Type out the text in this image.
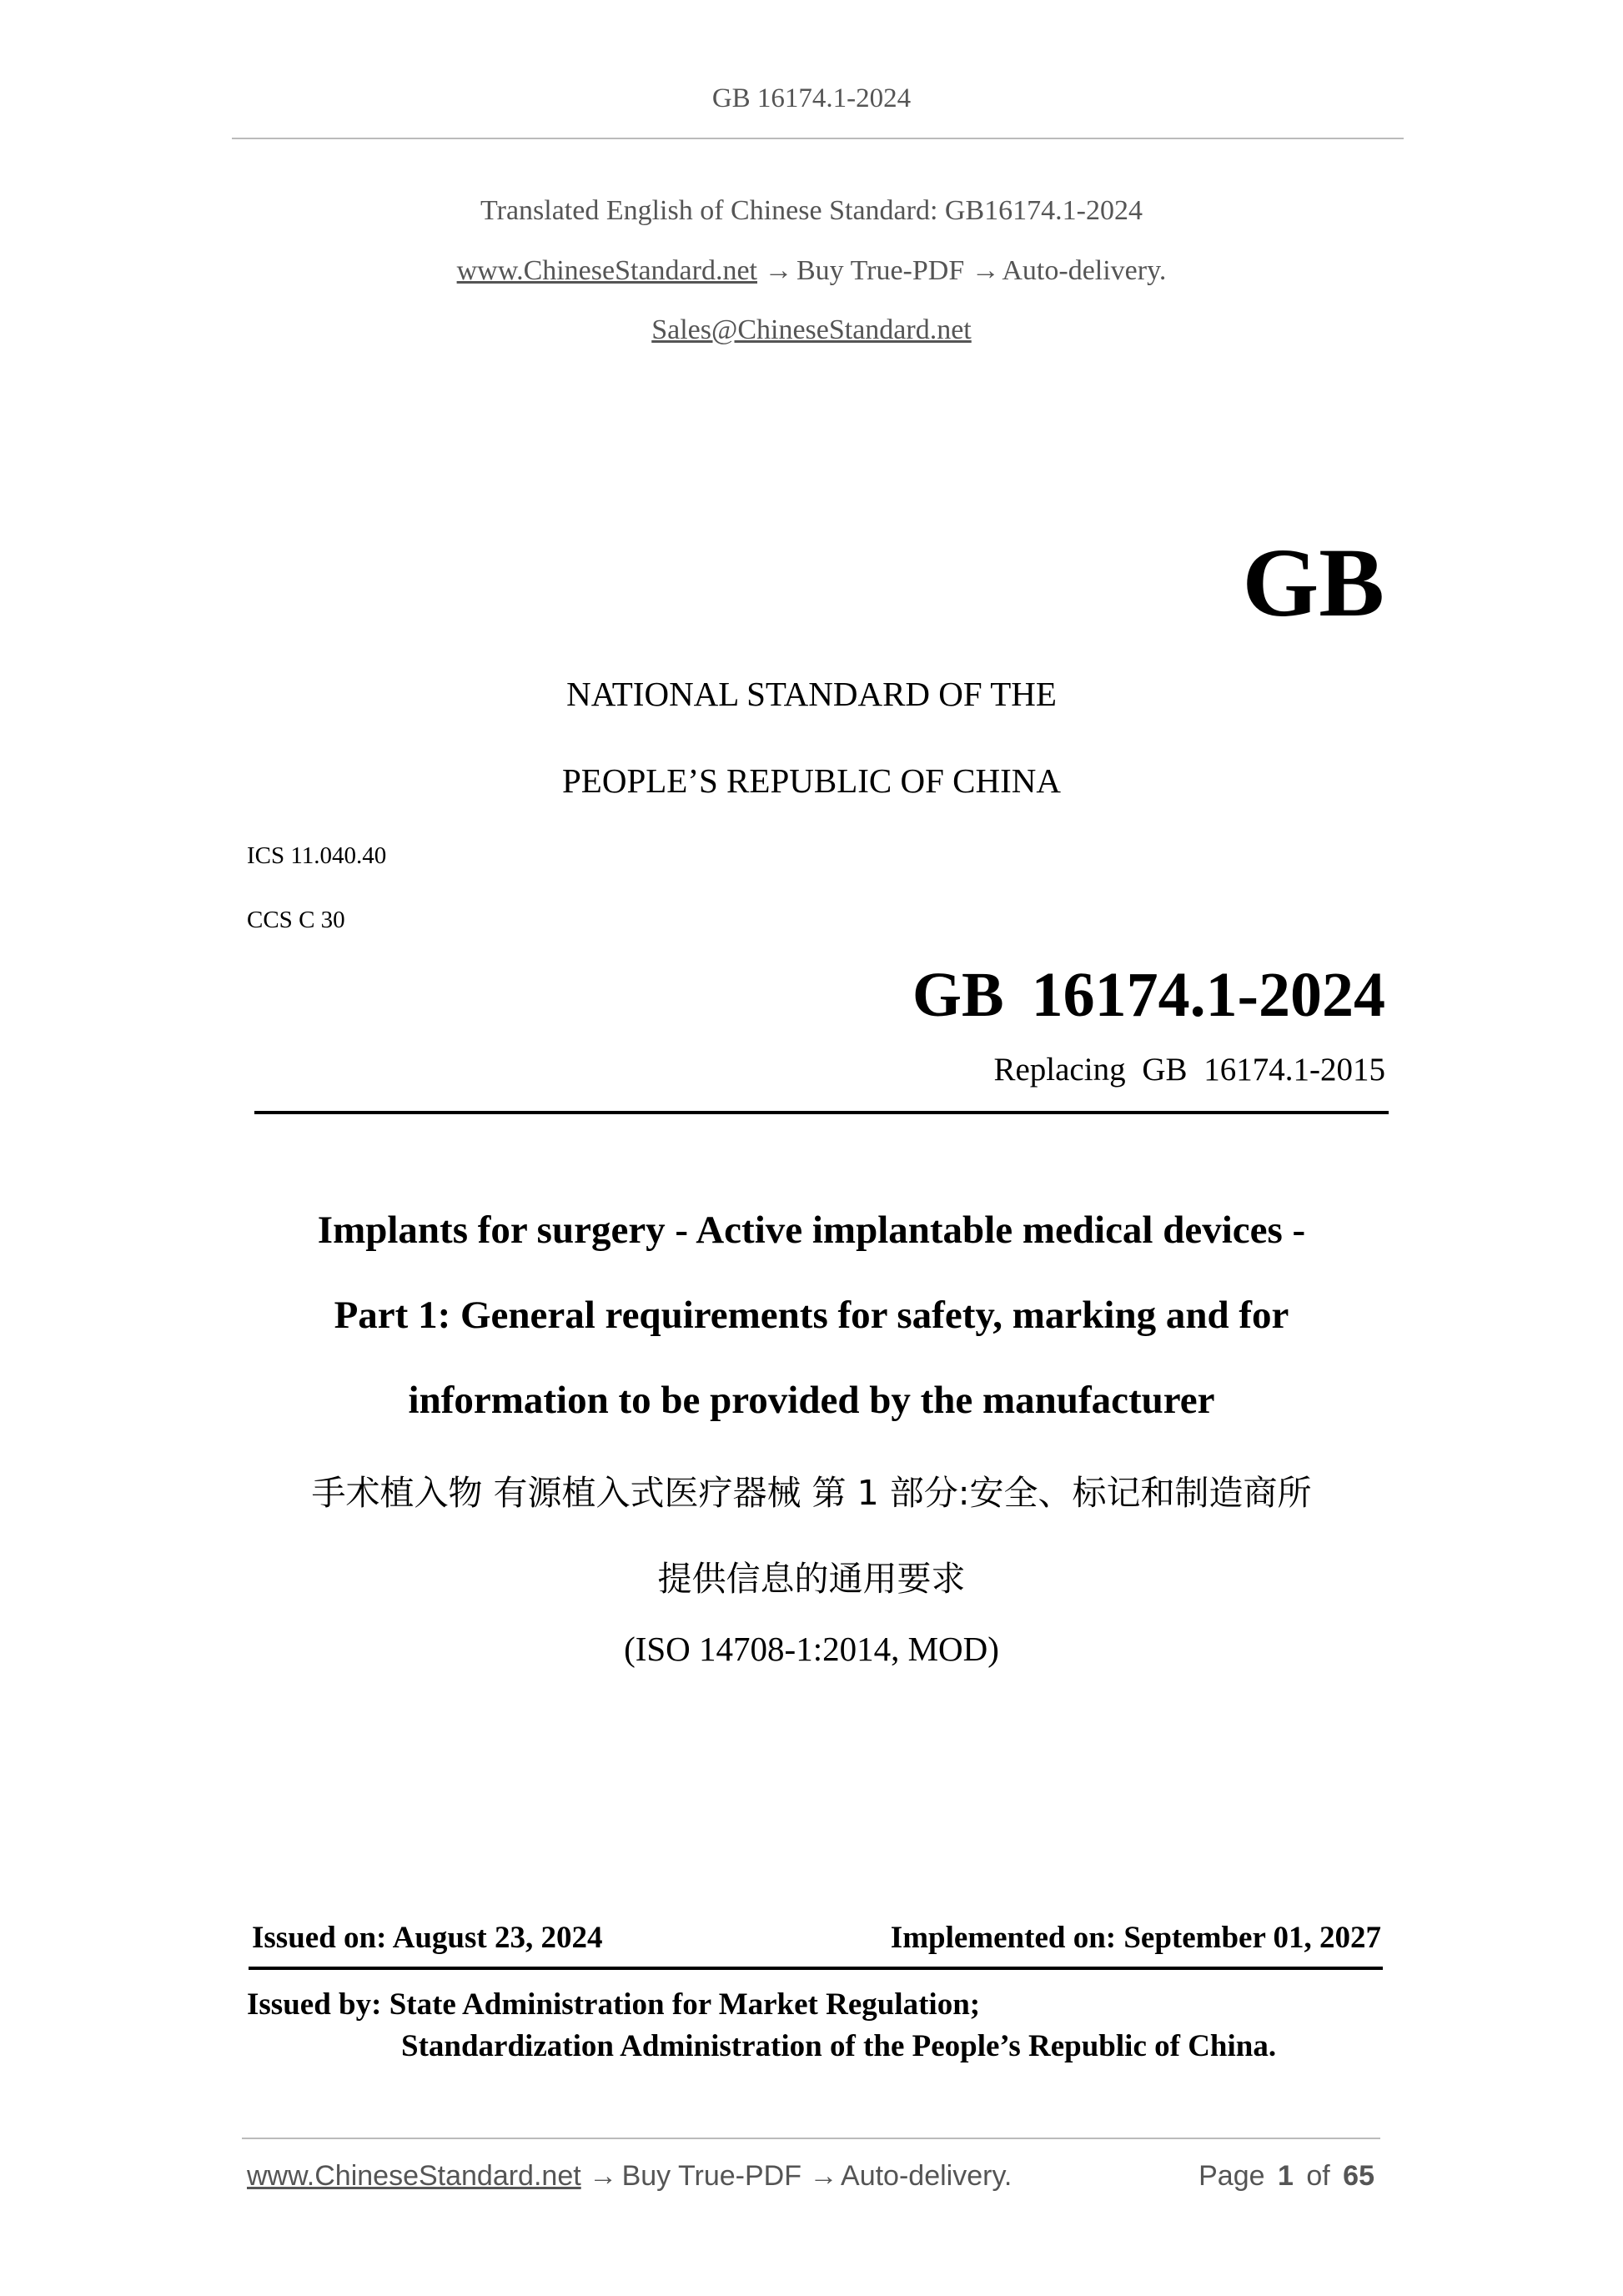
GB 16174.1-2024
Translated English of Chinese Standard: GB16174.1-2024
www.ChineseStandard.net → Buy True-PDF → Auto-delivery.
Sales@ChineseStandard.net
GB
NATIONAL STANDARD OF THE
PEOPLE’S REPUBLIC OF CHINA
ICS 11.040.40
CCS C 30
GB 16174.1-2024
Replacing GB 16174.1-2015
Implants for surgery - Active implantable medical devices -
Part 1: General requirements for safety, marking and for
information to be provided by the manufacturer
手术植入物 有源植入式医疗器械 第 1 部分:安全、标记和制造商所
提供信息的通用要求
(ISO 14708-1:2014, MOD)
Issued on: August 23, 2024	Implemented on: September 01, 2027
Issued by: State Administration for Market Regulation;
Standardization Administration of the People’s Republic of China.
www.ChineseStandard.net → Buy True-PDF → Auto-delivery.	Page 1 of 65
